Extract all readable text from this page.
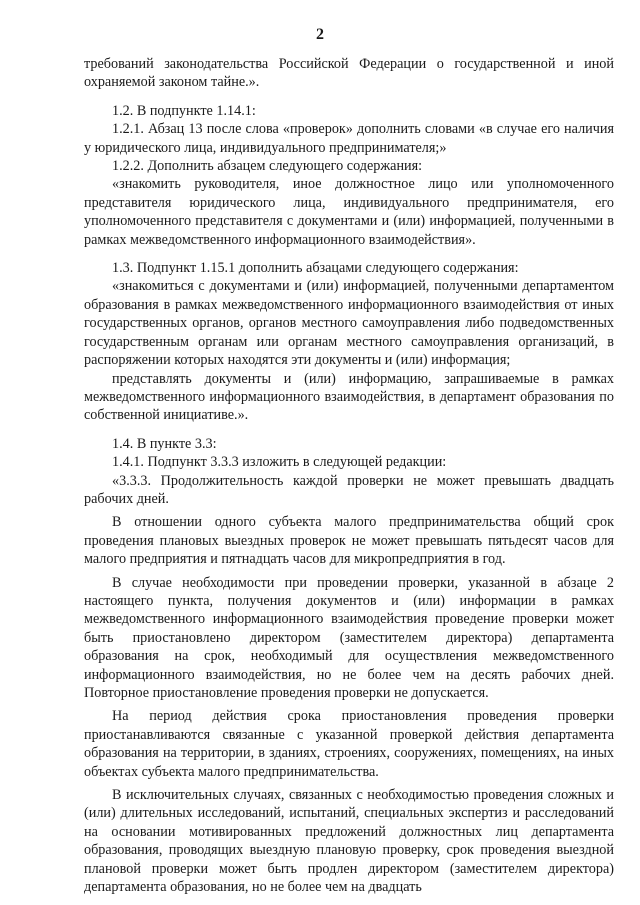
2

требований законодательства Российской Федерации о государственной и иной охраняемой законом тайне.».

1.2. В подпункте 1.14.1:

1.2.1. Абзац 13 после слова «проверок» дополнить словами «в случае его наличия у юридического лица, индивидуального предпринимателя;»

1.2.2. Дополнить абзацем следующего содержания:

«знакомить руководителя, иное должностное лицо или уполномоченного представителя юридического лица, индивидуального предпринимателя, его уполномоченного представителя с документами и (или) информацией, полученными в рамках межведомственного информационного взаимодействия».

1.3. Подпункт 1.15.1 дополнить абзацами следующего содержания:

«знакомиться с документами и (или) информацией, полученными департаментом образования в рамках межведомственного информационного взаимодействия от иных государственных органов, органов местного самоуправления либо подведомственных государственным органам или органам местного самоуправления организаций, в распоряжении которых находятся эти документы и (или) информация;

представлять документы и (или) информацию, запрашиваемые в рамках межведомственного информационного взаимодействия, в департамент образования по собственной инициативе.».

1.4. В пункте 3.3:

1.4.1. Подпункт 3.3.3 изложить в следующей редакции:

«3.3.3. Продолжительность каждой проверки не может превышать двадцать рабочих дней.

В отношении одного субъекта малого предпринимательства общий срок проведения плановых выездных проверок не может превышать пятьдесят часов для малого предприятия и пятнадцать часов для микропредприятия в год.

В случае необходимости при проведении проверки, указанной в абзаце 2 настоящего пункта, получения документов и (или) информации в рамках межведомственного информационного взаимодействия проведение проверки может быть приостановлено директором (заместителем директора) департамента образования на срок, необходимый для осуществления межведомственного информационного взаимодействия, но не более чем на десять рабочих дней. Повторное приостановление проведения проверки не допускается.

На период действия срока приостановления проведения проверки приостанавливаются связанные с указанной проверкой действия департамента образования на территории, в зданиях, строениях, сооружениях, помещениях, на иных объектах субъекта малого предпринимательства.

В исключительных случаях, связанных с необходимостью проведения сложных и (или) длительных исследований, испытаний, специальных экспертиз и расследований на основании мотивированных предложений должностных лиц департамента образования, проводящих выездную плановую проверку, срок проведения выездной плановой проверки может быть продлен директором (заместителем директора) департамента образования, но не более чем на двадцать
